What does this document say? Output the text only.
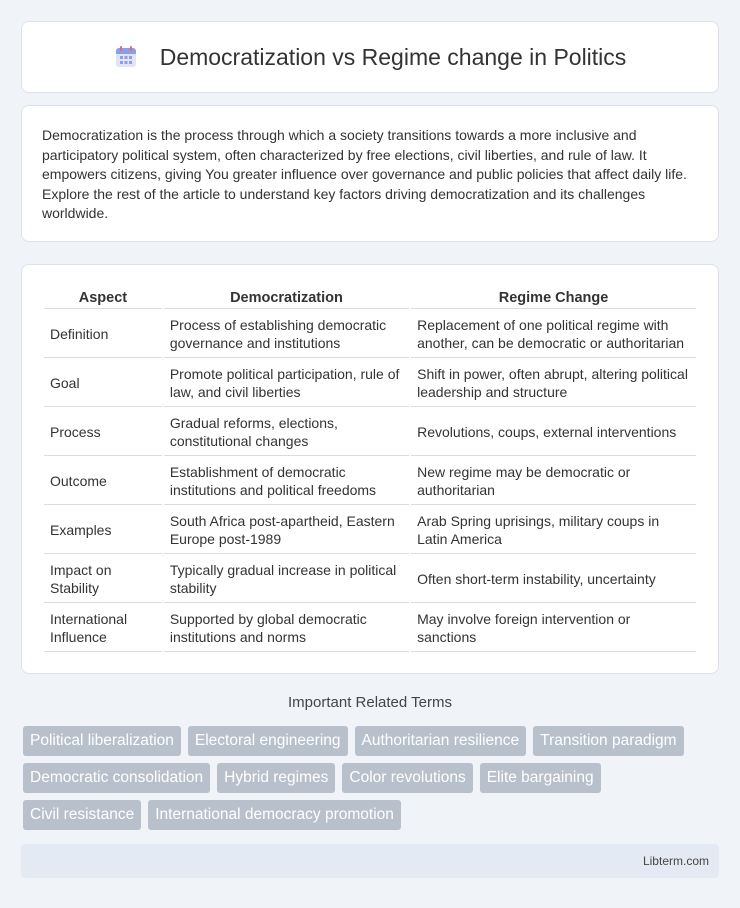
Democratization vs Regime change in Politics

Democratization is the process through which a society transitions towards a more inclusive and participatory political system, often characterized by free elections, civil liberties, and rule of law. It empowers citizens, giving You greater influence over governance and public policies that affect daily life. Explore the rest of the article to understand key factors driving democratization and its challenges worldwide.

Aspect	Democratization	Regime Change
Definition	Process of establishing democratic governance and institutions	Replacement of one political regime with another, can be democratic or authoritarian
Goal	Promote political participation, rule of law, and civil liberties	Shift in power, often abrupt, altering political leadership and structure
Process	Gradual reforms, elections, constitutional changes	Revolutions, coups, external interventions
Outcome	Establishment of democratic institutions and political freedoms	New regime may be democratic or authoritarian
Examples	South Africa post-apartheid, Eastern Europe post-1989	Arab Spring uprisings, military coups in Latin America
Impact on Stability	Typically gradual increase in political stability	Often short-term instability, uncertainty
International Influence	Supported by global democratic institutions and norms	May involve foreign intervention or sanctions
Important Related Terms
Political liberalization	Electoral engineering	Authoritarian resilience	Transition paradigm
Democratic consolidation	Hybrid regimes	Color revolutions	Elite bargaining
Civil resistance	International democracy promotion
Libterm.com
